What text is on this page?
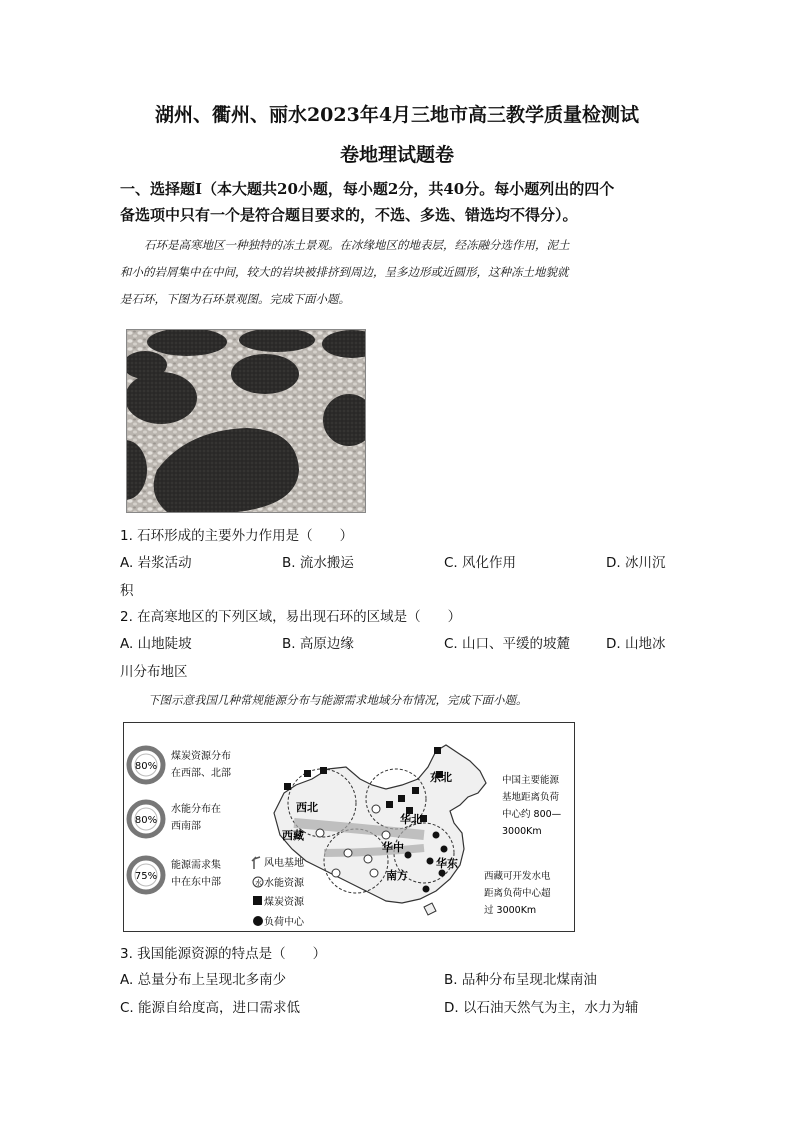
湖州、衢州、丽水2023年4月三地市高三教学质量检测试
卷地理试题卷
一、选择题Ⅰ（本大题共20小题，每小题2分，共40分。每小题列出的四个
备选项中只有一个是符合题目要求的，不选、多选、错选均不得分）。
石环是高寒地区一种独特的冻土景观。在冰缘地区的地表层，经冻融分选作用，泥土
和小的岩屑集中在中间，较大的岩块被排挤到周边，呈多边形或近圆形，这种冻土地貌就
是石环，下图为石环景观图。完成下面小题。
1. 石环形成的主要外力作用是（　　）
A. 岩浆活动	B. 流水搬运	C. 风化作用	D. 冰川沉
积
2. 在高寒地区的下列区域，易出现石环的区域是（　　）
A. 山地陡坡	B. 高原边缘	C. 山口、平缓的坡麓	D. 山地冰
川分布地区
下图示意我国几种常规能源分布与能源需求地域分布情况，完成下面小题。
80%
煤炭资源分布
在西部、北部
80%
水能分布在
西南部
75%
能源需求集
中在东中部
风电基地
水 水能资源
煤炭资源
负荷中心
东北
西北
华北
西藏
华中
华东
南方
中国主要能源
基地距离负荷
中心约 800—
3000Km
西藏可开发水电
距离负荷中心超
过 3000Km
3. 我国能源资源的特点是（　　）
A. 总量分布上呈现北多南少	B. 品种分布呈现北煤南油
C. 能源自给度高，进口需求低	D. 以石油天然气为主，水力为辅
